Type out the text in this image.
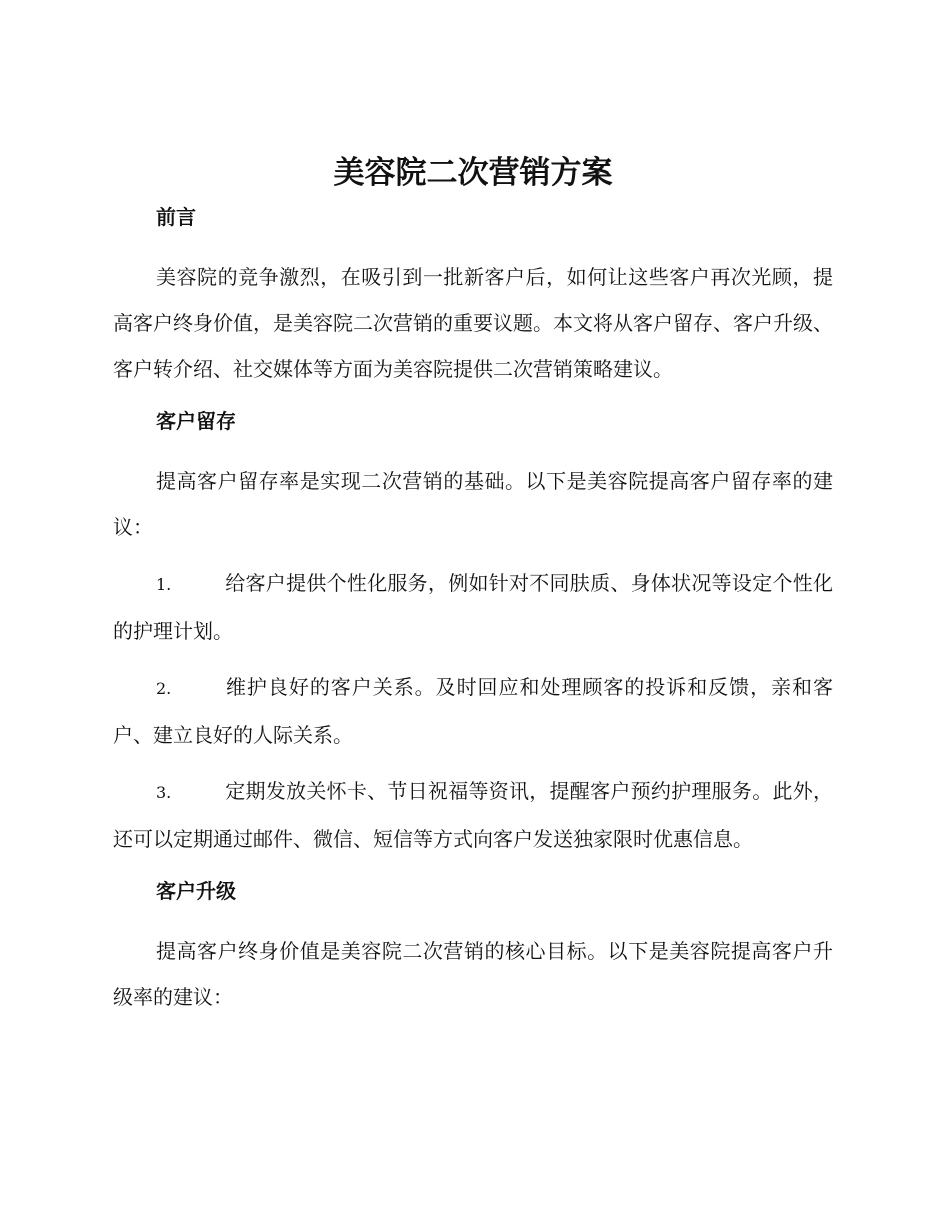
美容院二次营销方案
前言

美容院的竞争激烈，在吸引到一批新客户后，如何让这些客户再次光顾，提高客户终身价值，是美容院二次营销的重要议题。本文将从客户留存、客户升级、客户转介绍、社交媒体等方面为美容院提供二次营销策略建议。

客户留存

提高客户留存率是实现二次营销的基础。以下是美容院提高客户留存率的建议：

1.	给客户提供个性化服务，例如针对不同肤质、身体状况等设定个性化的护理计划。
2.	维护良好的客户关系。及时回应和处理顾客的投诉和反馈，亲和客户、建立良好的人际关系。
3.	定期发放关怀卡、节日祝福等资讯，提醒客户预约护理服务。此外，还可以定期通过邮件、微信、短信等方式向客户发送独家限时优惠信息。
客户升级

提高客户终身价值是美容院二次营销的核心目标。以下是美容院提高客户升级率的建议：
